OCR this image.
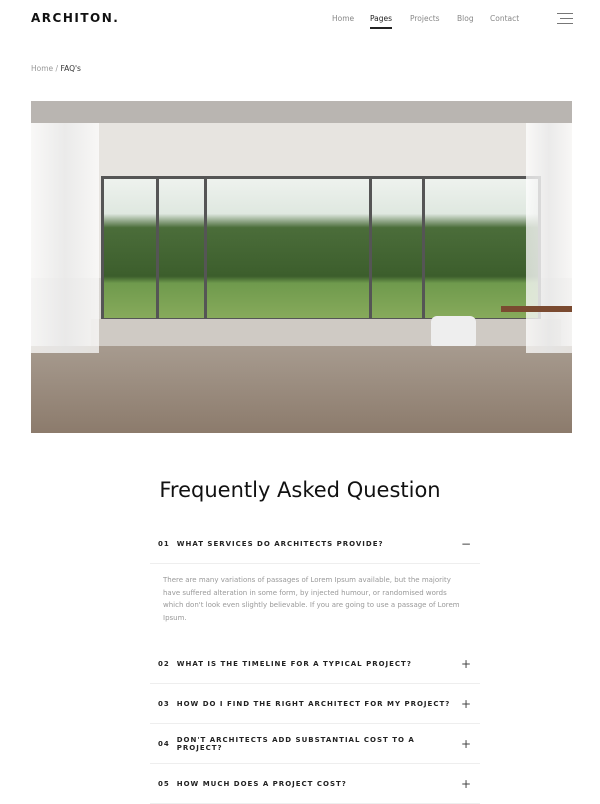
ARCHITON.	Home Pages Projects Blog Contact
Home / FAQ's
Frequently Asked Question
01 WHAT SERVICES DO ARCHITECTS PROVIDE?	−
There are many variations of passages of Lorem Ipsum available, but the majority have suffered alteration in some form, by injected humour, or randomised words which don't look even slightly believable. If you are going to use a passage of Lorem Ipsum.
02 WHAT IS THE TIMELINE FOR A TYPICAL PROJECT?	+
03 HOW DO I FIND THE RIGHT ARCHITECT FOR MY PROJECT? +
04 DON'T ARCHITECTS ADD SUBSTANTIAL COST TO A PROJECT?	+
05 HOW MUCH DOES A PROJECT COST?	+
